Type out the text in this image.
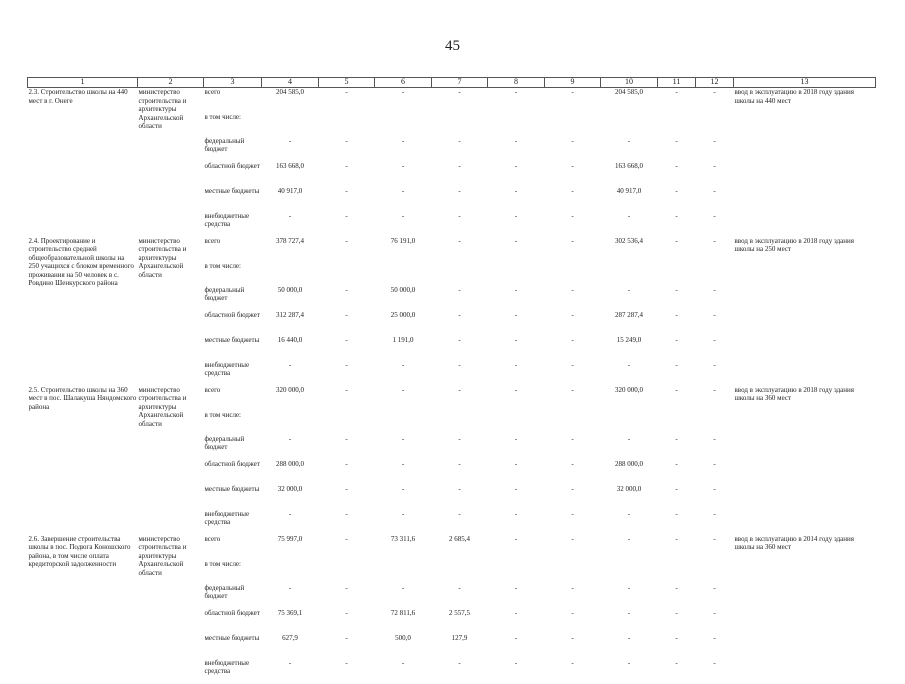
45
1	2	3	4	5	6	7	8	9	10	11	12	13
2.3. Строительство школы на 440 мест в г. Онеге	министерство строительства и архитектуры Архангельской области	всего	204 585,0	-	-	-	-	-	204 585,0	-	-	ввод в эксплуатацию в 2018 году здания школы на 440 мест
		в том числе:										
		федеральный бюджет	-	-	-	-	-	-	-	-	-	
		областной бюджет	163 668,0	-	-	-	-	-	163 668,0	-	-	
		местные бюджеты	40 917,0	-	-	-	-	-	40 917,0	-	-	
		внебюджетные средства	-	-	-	-	-	-	-	-	-	
2.4. Проектирование и строительство средней общеобразовательной школы на 250 учащихся с блоком временного проживания на 50 человек в с. Ровдино Шенкурского района	министерство строительства и архитектуры Архангельской области	всего	378 727,4	-	76 191,0	-	-	-	302 536,4	-	-	ввод в эксплуатацию в 2018 году здания школы на 250 мест
		в том числе:										
		федеральный бюджет	50 000,0	-	50 000,0	-	-	-	-	-	-	
		областной бюджет	312 287,4	-	25 000,0	-	-	-	287 287,4	-	-	
		местные бюджеты	16 440,0	-	1 191,0	-	-	-	15 249,0	-	-	
		внебюджетные средства	-	-	-	-	-	-	-	-	-	
2.5. Строительство школы на 360 мест в пос. Шалакуша Няндомского района	министерство строительства и архитектуры Архангельской области	всего	320 000,0	-	-	-	-	-	320 000,0	-	-	ввод в эксплуатацию в 2018 году здания школы на 360 мест
		в том числе:										
		федеральный бюджет	-	-	-	-	-	-	-	-	-	
		областной бюджет	288 000,0	-	-	-	-	-	288 000,0	-	-	
		местные бюджеты	32 000,0	-	-	-	-	-	32 000,0	-	-	
		внебюджетные средства	-	-	-	-	-	-	-	-	-	
2.6. Завершение строительства школы в пос. Подюга Коношского района, в том числе оплата кредиторской задолженности	министерство строительства и архитектуры Архангельской области	всего	75 997,0	-	73 311,6	2 685,4	-	-	-	-	-	ввод в эксплуатацию в 2014 году здания школы на 360 мест
		в том числе:										
		федеральный бюджет	-	-	-	-	-	-	-	-	-	
		областной бюджет	75 369,1	-	72 811,6	2 557,5	-	-	-	-	-	
		местные бюджеты	627,9	-	500,0	127,9	-	-	-	-	-	
		внебюджетные средства	-	-	-	-	-	-	-	-	-	
